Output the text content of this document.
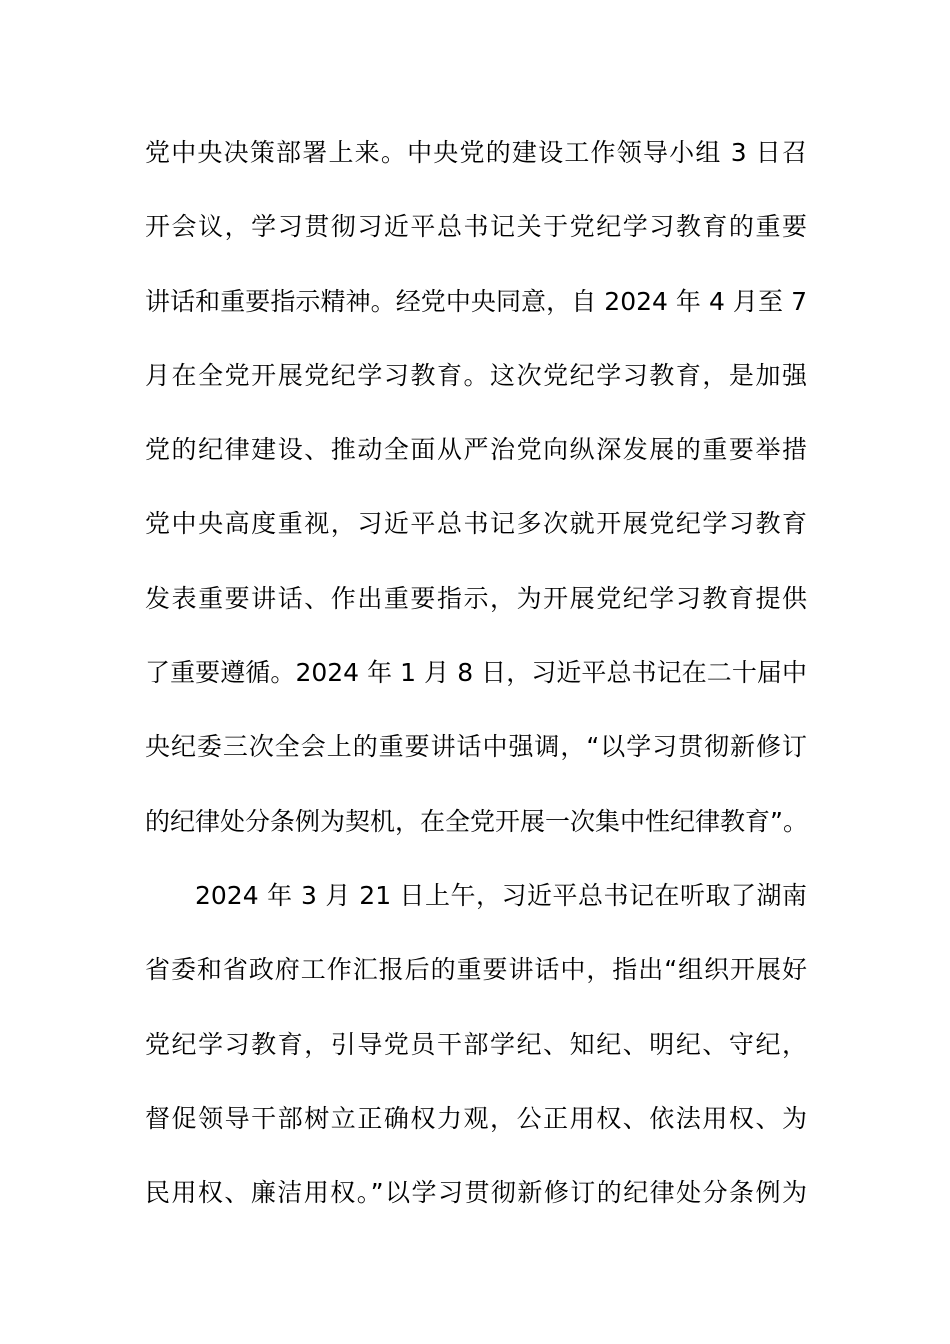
党中央决策部署上来。中央党的建设工作领导小组 3 日召
开会议，学习贯彻习近平总书记关于党纪学习教育的重要
讲话和重要指示精神。经党中央同意，自 2024 年 4 月至 7
月在全党开展党纪学习教育。这次党纪学习教育，是加强
党的纪律建设、推动全面从严治党向纵深发展的重要举措
党中央高度重视，习近平总书记多次就开展党纪学习教育
发表重要讲话、作出重要指示，为开展党纪学习教育提供
了重要遵循。2024 年 1 月 8 日，习近平总书记在二十届中
央纪委三次全会上的重要讲话中强调，“以学习贯彻新修订
的纪律处分条例为契机，在全党开展一次集中性纪律教育”。
2024 年 3 月 21 日上午，习近平总书记在听取了湖南
省委和省政府工作汇报后的重要讲话中，指出“组织开展好
党纪学习教育，引导党员干部学纪、知纪、明纪、守纪，
督促领导干部树立正确权力观，公正用权、依法用权、为
民用权、廉洁用权。”以学习贯彻新修订的纪律处分条例为
